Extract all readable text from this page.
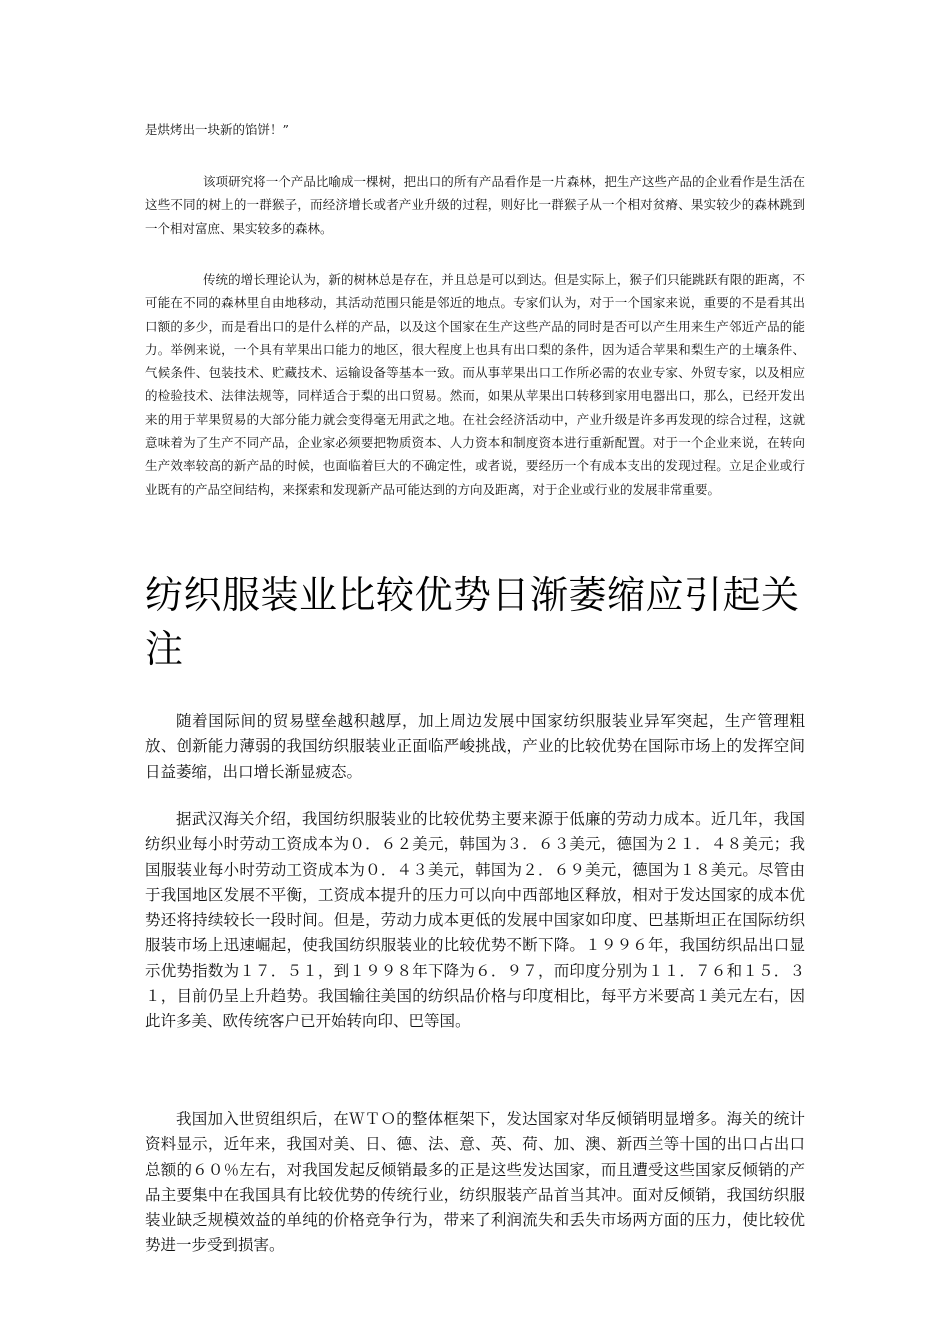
是烘烤出一块新的馅饼！”

该项研究将一个产品比喻成一棵树，把出口的所有产品看作是一片森林，把生产这些产品的企业看作是生活在这些不同的树上的一群猴子，而经济增长或者产业升级的过程，则好比一群猴子从一个相对贫瘠、果实较少的森林跳到一个相对富庶、果实较多的森林。

传统的增长理论认为，新的树林总是存在，并且总是可以到达。但是实际上，猴子们只能跳跃有限的距离，不可能在不同的森林里自由地移动，其活动范围只能是邻近的地点。专家们认为，对于一个国家来说，重要的不是看其出口额的多少，而是看出口的是什么样的产品，以及这个国家在生产这些产品的同时是否可以产生用来生产邻近产品的能力。举例来说，一个具有苹果出口能力的地区，很大程度上也具有出口梨的条件，因为适合苹果和梨生产的土壤条件、气候条件、包装技术、贮藏技术、运输设备等基本一致。而从事苹果出口工作所必需的农业专家、外贸专家，以及相应的检验技术、法律法规等，同样适合于梨的出口贸易。然而，如果从苹果出口转移到家用电器出口，那么，已经开发出来的用于苹果贸易的大部分能力就会变得毫无用武之地。在社会经济活动中，产业升级是许多再发现的综合过程，这就意味着为了生产不同产品，企业家必须要把物质资本、人力资本和制度资本进行重新配置。对于一个企业来说，在转向生产效率较高的新产品的时候，也面临着巨大的不确定性，或者说，要经历一个有成本支出的发现过程。立足企业或行业既有的产品空间结构，来探索和发现新产品可能达到的方向及距离，对于企业或行业的发展非常重要。

纺织服装业比较优势日渐萎缩应引起关注

随着国际间的贸易壁垒越积越厚，加上周边发展中国家纺织服装业异军突起，生产管理粗放、创新能力薄弱的我国纺织服装业正面临严峻挑战，产业的比较优势在国际市场上的发挥空间日益萎缩，出口增长渐显疲态。

据武汉海关介绍，我国纺织服装业的比较优势主要来源于低廉的劳动力成本。近几年，我国纺织业每小时劳动工资成本为０．６２美元，韩国为３．６３美元，德国为２１．４８美元；我国服装业每小时劳动工资成本为０．４３美元，韩国为２．６９美元，德国为１８美元。尽管由于我国地区发展不平衡，工资成本提升的压力可以向中西部地区释放，相对于发达国家的成本优势还将持续较长一段时间。但是，劳动力成本更低的发展中国家如印度、巴基斯坦正在国际纺织服装市场上迅速崛起，使我国纺织服装业的比较优势不断下降。１９９６年，我国纺织品出口显示优势指数为１７．５１，到１９９８年下降为６．９７，而印度分别为１１．７６和１５．３１，目前仍呈上升趋势。我国输往美国的纺织品价格与印度相比，每平方米要高１美元左右，因此许多美、欧传统客户已开始转向印、巴等国。

我国加入世贸组织后，在ＷＴＯ的整体框架下，发达国家对华反倾销明显增多。海关的统计资料显示，近年来，我国对美、日、德、法、意、英、荷、加、澳、新西兰等十国的出口占出口总额的６０％左右，对我国发起反倾销最多的正是这些发达国家，而且遭受这些国家反倾销的产品主要集中在我国具有比较优势的传统行业，纺织服装产品首当其冲。面对反倾销，我国纺织服装业缺乏规模效益的单纯的价格竞争行为，带来了利润流失和丢失市场两方面的压力，使比较优势进一步受到损害。
